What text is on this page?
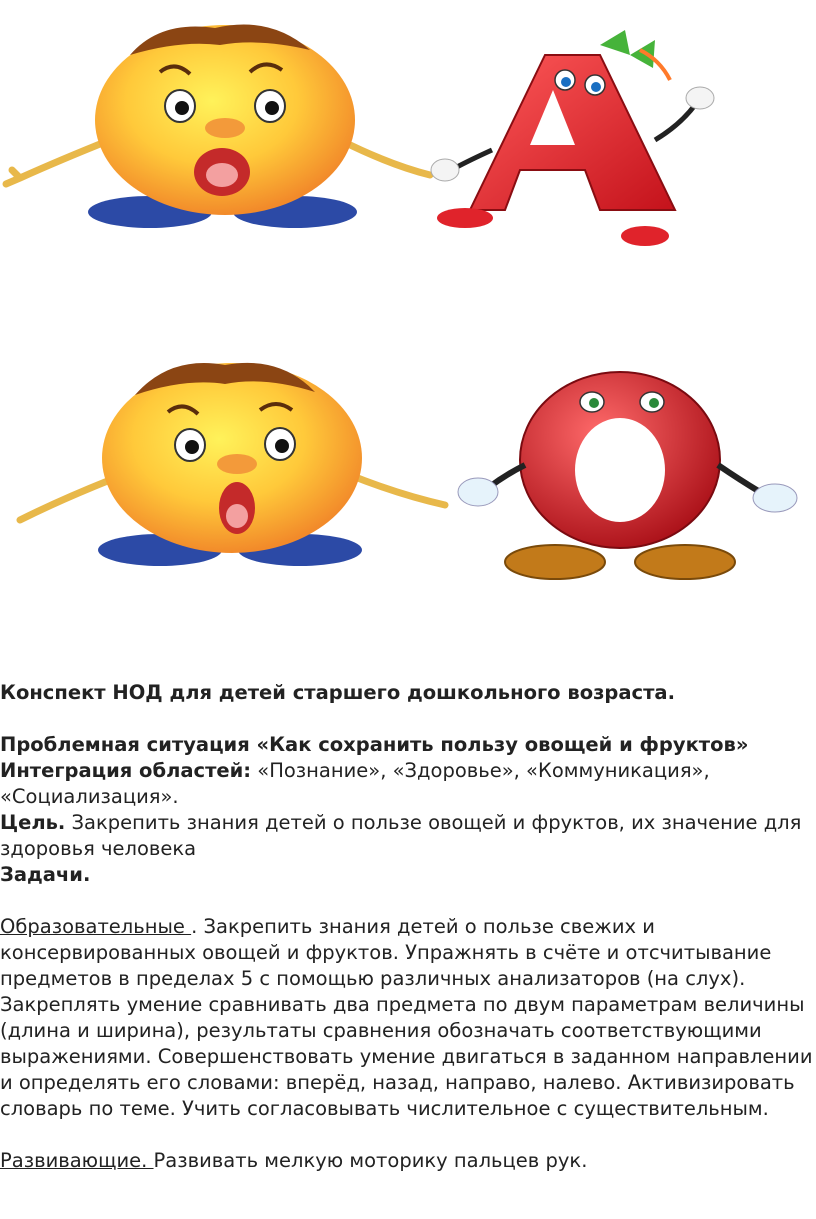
Конспект НОД для детей старшего дошкольного возраста.

Проблемная ситуация «Как сохранить пользу овощей и фруктов»

Интеграция областей: «Познание», «Здоровье», «Коммуникация», «Социализация».

Цель. Закрепить знания детей о пользе овощей и фруктов, их значение для здоровья человека

Задачи.

Образовательные . Закрепить знания детей о пользе свежих и консервированных овощей и фруктов. Упражнять в счёте и отсчитывание предметов в пределах 5 с помощью различных анализаторов (на слух). Закреплять умение сравнивать два предмета по двум параметрам величины (длина и ширина), результаты сравнения обозначать соответствующими выражениями. Совершенствовать умение двигаться в заданном направлении и определять его словами: вперёд, назад, направо, налево. Активизировать словарь по теме. Учить согласовывать числительное с существительным.

Развивающие. Развивать мелкую моторику пальцев рук.
